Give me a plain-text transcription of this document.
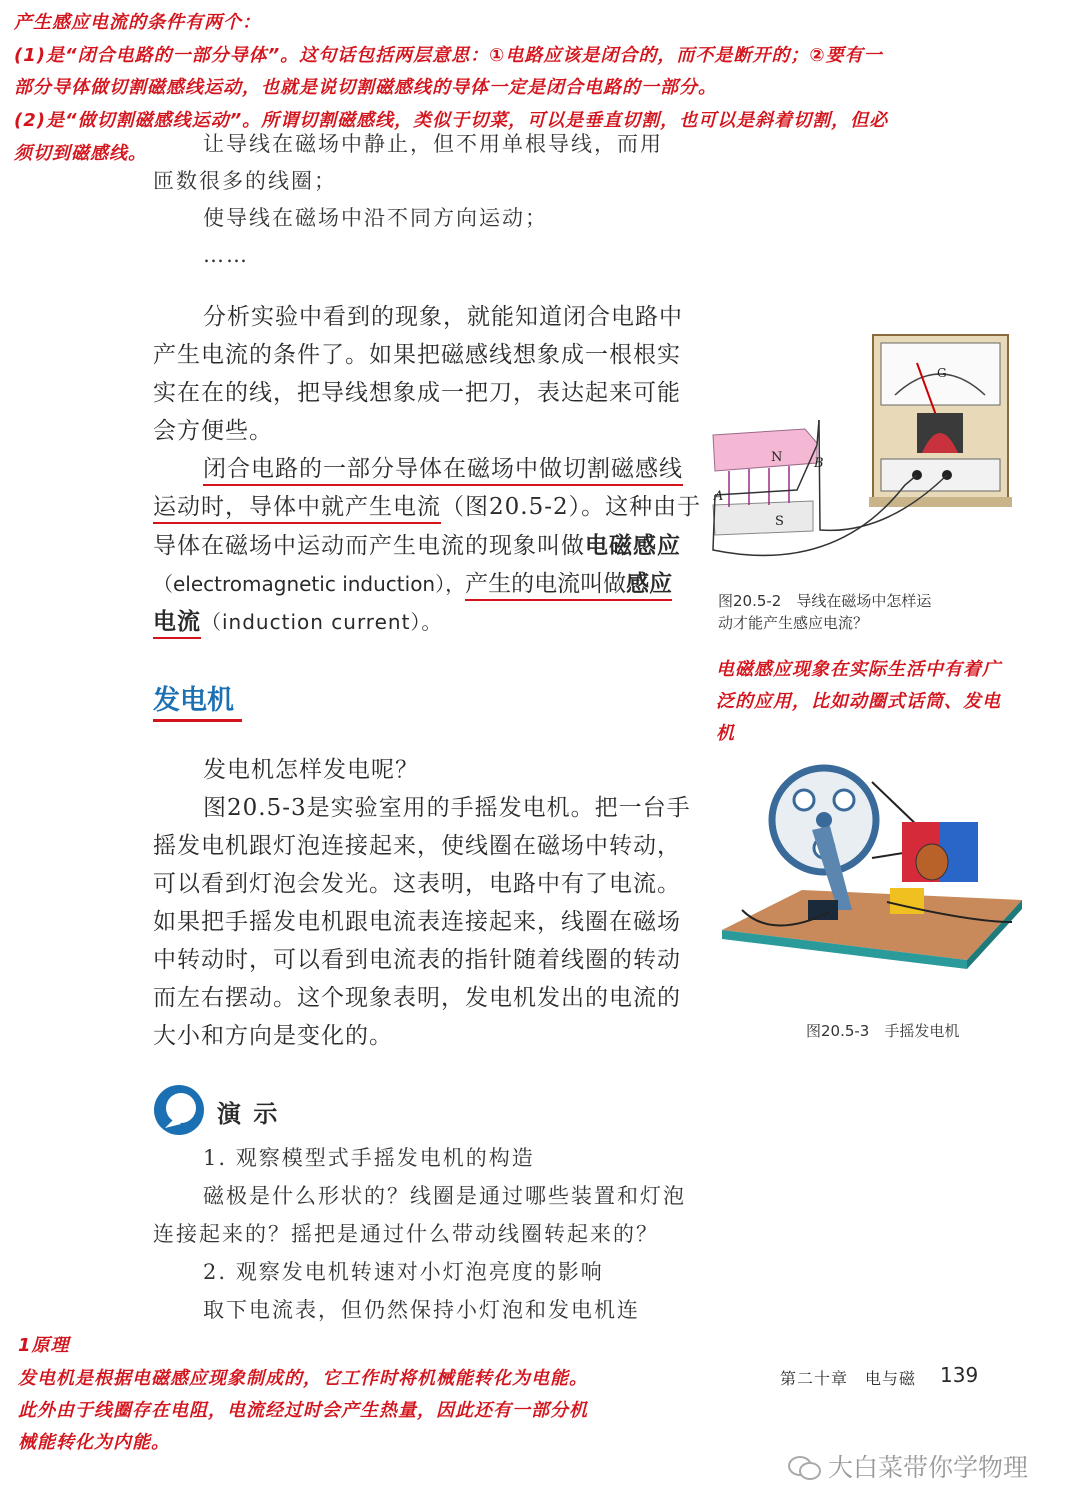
产生感应电流的条件有两个：
(1)是“闭合电路的一部分导体”。这句话包括两层意思：①电路应该是闭合的，而不是断开的；②要有一
部分导体做切割磁感线运动，也就是说切割磁感线的导体一定是闭合电路的一部分。
(2)是“做切割磁感线运动”。所谓切割磁感线，类似于切菜，可以是垂直切割，也可以是斜着切割，但必
须切到磁感线。	让导线在磁场中静止，但不用单根导线，而用
匝数很多的线圈；
使导线在磁场中沿不同方向运动；
……
分析实验中看到的现象，就能知道闭合电路中
产生电流的条件了。如果把磁感线想象成一根根实
实在在的线，把导线想象成一把刀，表达起来可能
会方便些。
闭合电路的一部分导体在磁场中做切割磁感线
运动时，导体中就产生电流（图20.5-2）。这种由于
导体在磁场中运动而产生电流的现象叫做电磁感应
（electromagnetic induction），产生的电流叫做感应
电流（induction current）。
N
S
A
B
G
图20.5-2　导线在磁场中怎样运
动才能产生感应电流？
电磁感应现象在实际生活中有着广
泛的应用，比如动圈式话筒、发电
机
发电机
发电机怎样发电呢？
图20.5-3是实验室用的手摇发电机。把一台手
摇发电机跟灯泡连接起来，使线圈在磁场中转动，
可以看到灯泡会发光。这表明，电路中有了电流。
如果把手摇发电机跟电流表连接起来，线圈在磁场
中转动时，可以看到电流表的指针随着线圈的转动
而左右摆动。这个现象表明，发电机发出的电流的
大小和方向是变化的。	图20.5-3　手摇发电机
演 示
1. 观察模型式手摇发电机的构造
磁极是什么形状的？线圈是通过哪些装置和灯泡
连接起来的？摇把是通过什么带动线圈转起来的？
2. 观察发电机转速对小灯泡亮度的影响
取下电流表，但仍然保持小灯泡和发电机连
1原理
发电机是根据电磁感应现象制成的，它工作时将机械能转化为电能。
此外由于线圈存在电阻，电流经过时会产生热量，因此还有一部分机
械能转化为内能。
第二十章　电与磁 139
大白菜带你学物理
